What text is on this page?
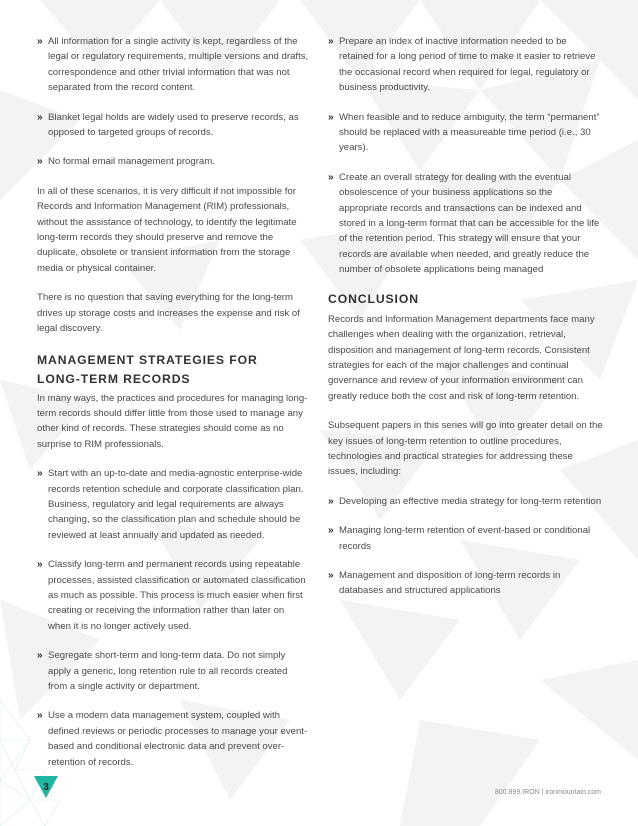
» All information for a single activity is kept, regardless of the legal or regulatory requirements, multiple versions and drafts, correspondence and other trivial information that was not separated from the record content.
» Blanket legal holds are widely used to preserve records, as opposed to targeted groups of records.
» No formal email management program.

In all of these scenarios, it is very difficult if not impossible for Records and Information Management (RIM) professionals, without the assistance of technology, to identify the legitimate long-term records they should preserve and remove the duplicate, obsolete or transient information from the storage media or physical container.

There is no question that saving everything for the long-term drives up storage costs and increases the expense and risk of legal discovery.

MANAGEMENT STRATEGIES FOR
LONG-TERM RECORDS

In many ways, the practices and procedures for managing long-term records should differ little from those used to manage any other kind of records. These strategies should come as no surprise to RIM professionals.

» Start with an up-to-date and media-agnostic enterprise-wide records retention schedule and corporate classification plan. Business, regulatory and legal requirements are always changing, so the classification plan and schedule should be reviewed at least annually and updated as needed.
» Classify long-term and permanent records using repeatable processes, assisted classification or automated classification as much as possible. This process is much easier when first creating or receiving the information rather than later on when it is no longer actively used.
» Segregate short-term and long-term data. Do not simply apply a generic, long retention rule to all records created from a single activity or department.
» Use a modern data management system, coupled with defined reviews or periodic processes to manage your event-based and conditional electronic data and prevent over-retention of records.
» Prepare an index of inactive information needed to be retained for a long period of time to make it easier to retrieve the occasional record when required for legal, regulatory or business productivity.
» When feasible and to reduce ambiguity, the term “permanent” should be replaced with a measureable time period (i.e., 30 years).
» Create an overall strategy for dealing with the eventual obsolescence of your business applications so the appropriate records and transactions can be indexed and stored in a long-term format that can be accessible for the life of the retention period. This strategy will ensure that your records are available when needed, and greatly reduce the number of obsolete applications being managed
CONCLUSION

Records and Information Management departments face many challenges when dealing with the organization, retrieval, disposition and management of long-term records. Consistent strategies for each of the major challenges and continual governance and review of your information environment can greatly reduce both the cost and risk of long-term retention.

Subsequent papers in this series will go into greater detail on the key issues of long-term retention to outline procedures, technologies and practical strategies for addressing these issues, including:

» Developing an effective media strategy for long-term retention
» Managing long-term retention of event-based or conditional records
» Management and disposition of long-term records in databases and structured applications
3	800.899.IRON | ironmountain.com
